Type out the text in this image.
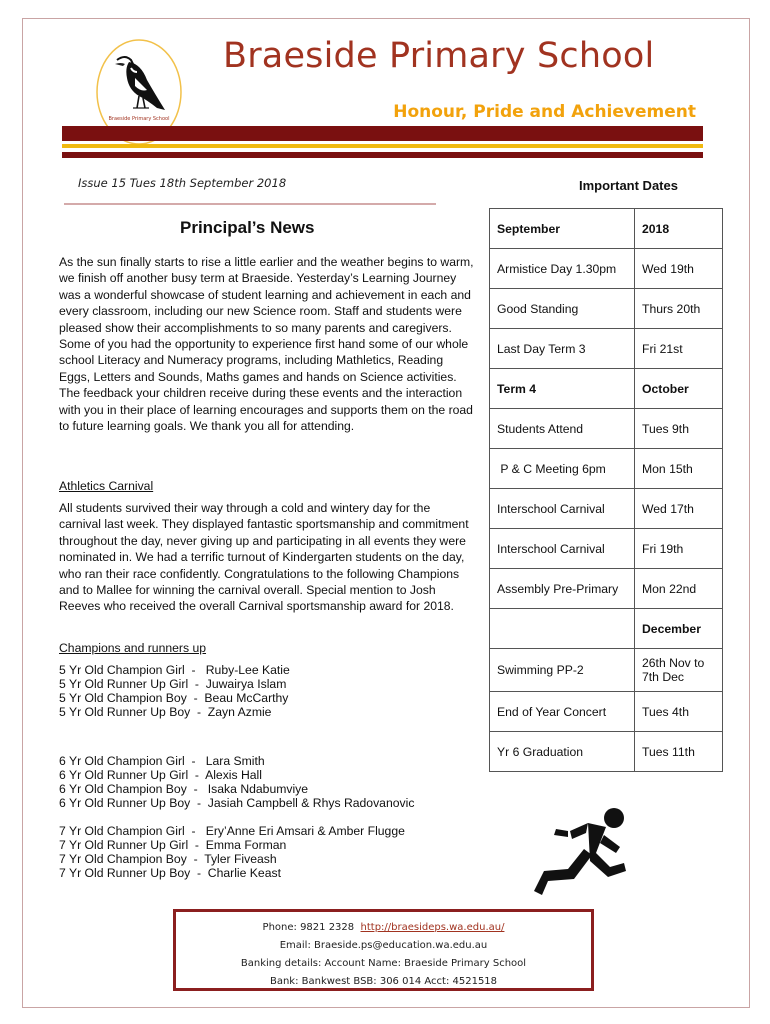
Braeside Primary School
Braeside Primary School
Honour, Pride and Achievement
Issue 15 Tues 18th September 2018	Important Dates
Principal’s News

As the sun finally starts to rise a little earlier and the weather begins to warm, we finish off another busy term at Braeside. Yesterday’s Learning Journey was a wonderful showcase of student learning and achievement in each and every classroom, including our new Science room. Staff and students were pleased show their accomplishments to so many parents and caregivers. Some of you had the opportunity to experience first hand some of our whole school Literacy and Numeracy programs, including Mathletics, Reading Eggs, Letters and Sounds, Maths games and hands on Science activities. The feedback your children receive during these events and the interaction with you in their place of learning encourages and supports them on the road to future learning goals. We thank you all for attending.

Athletics Carnival

All students survived their way through a cold and wintery day for the carnival last week. They displayed fantastic sportsmanship and commitment throughout the day, never giving up and participating in all events they were nominated in. We had a terrific turnout of Kindergarten students on the day, who ran their race confidently. Congratulations to the following Champions and to Mallee for winning the carnival overall. Special mention to Josh Reeves who received the overall Carnival sportsmanship award for 2018.

Champions and runners up

5 Yr Old Champion Girl  -   Ruby-Lee Katie
5 Yr Old Runner Up Girl  -  Juwairya Islam
5 Yr Old Champion Boy  -  Beau McCarthy
5 Yr Old Runner Up Boy  -  Zayn Azmie
6 Yr Old Champion Girl  -   Lara Smith
6 Yr Old Runner Up Girl  -  Alexis Hall
6 Yr Old Champion Boy  -   Isaka Ndabumviye
6 Yr Old Runner Up Boy  -  Jasiah Campbell & Rhys Radovanovic
7 Yr Old Champion Girl  -   Ery’Anne Eri Amsari & Amber Flugge
7 Yr Old Runner Up Girl  -  Emma Forman
7 Yr Old Champion Boy  -  Tyler Fiveash
7 Yr Old Runner Up Boy  -  Charlie Keast
September	2018
Armistice Day 1.30pm	Wed 19th
Good Standing	Thurs 20th
Last Day Term 3	Fri 21st
Term 4	October
Students Attend	Tues 9th
P & C Meeting 6pm	Mon 15th
Interschool Carnival	Wed 17th
Interschool Carnival	Fri 19th
Assembly Pre-Primary	Mon 22nd
	December
Swimming PP-2	26th Nov to 7th Dec
End of Year Concert	Tues 4th
Yr 6 Graduation	Tues 11th
Phone: 9821 2328 http://braesideps.wa.edu.au/
Email: Braeside.ps@education.wa.edu.au
Banking details: Account Name: Braeside Primary School
Bank: Bankwest BSB: 306 014 Acct: 4521518
